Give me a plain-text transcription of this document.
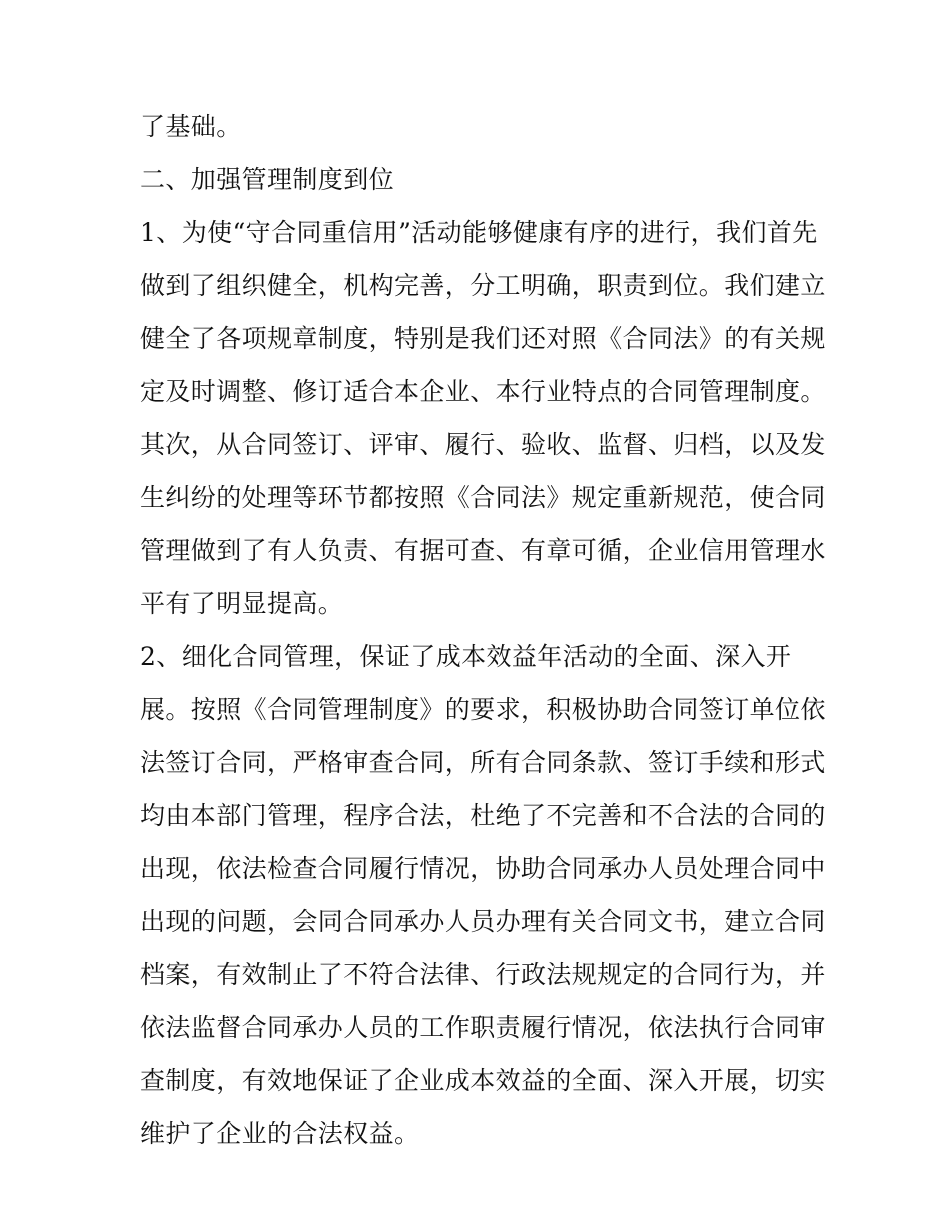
了基础。
二、加强管理制度到位
1、为使“守合同重信用”活动能够健康有序的进行，我们首先
做到了组织健全，机构完善，分工明确，职责到位。我们建立
健全了各项规章制度，特别是我们还对照《合同法》的有关规
定及时调整、修订适合本企业、本行业特点的合同管理制度。
其次，从合同签订、评审、履行、验收、监督、归档，以及发
生纠纷的处理等环节都按照《合同法》规定重新规范，使合同
管理做到了有人负责、有据可查、有章可循，企业信用管理水
平有了明显提高。
2、细化合同管理，保证了成本效益年活动的全面、深入开
展。按照《合同管理制度》的要求，积极协助合同签订单位依
法签订合同，严格审查合同，所有合同条款、签订手续和形式
均由本部门管理，程序合法，杜绝了不完善和不合法的合同的
出现，依法检查合同履行情况，协助合同承办人员处理合同中
出现的问题，会同合同承办人员办理有关合同文书，建立合同
档案，有效制止了不符合法律、行政法规规定的合同行为，并
依法监督合同承办人员的工作职责履行情况，依法执行合同审
查制度，有效地保证了企业成本效益的全面、深入开展，切实
维护了企业的合法权益。
